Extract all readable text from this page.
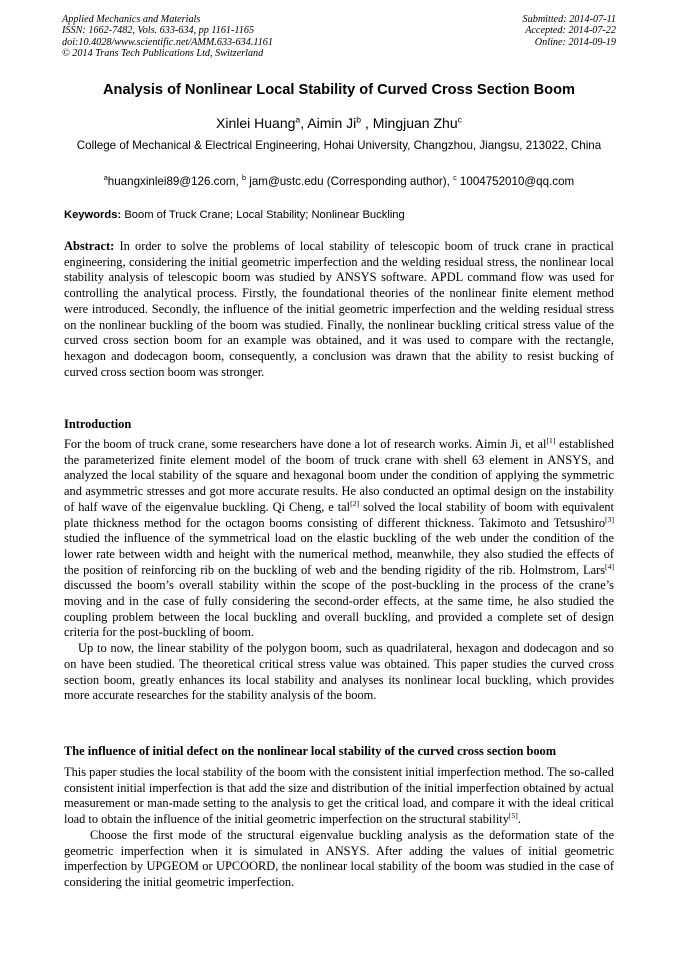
Applied Mechanics and Materials
ISSN: 1662-7482, Vols. 633-634, pp 1161-1165
doi:10.4028/www.scientific.net/AMM.633-634.1161
© 2014 Trans Tech Publications Ltd, Switzerland
Submitted: 2014-07-11
Accepted: 2014-07-22
Online: 2014-09-19
Analysis of Nonlinear Local Stability of Curved Cross Section Boom
Xinlei Huang$^a$, Aimin Ji$^b$ , Mingjuan Zhu$^c$
College of Mechanical & Electrical Engineering, Hohai University, Changzhou, Jiangsu, 213022, China
$^a$huangxinlei89@126.com, $^b$ jam@ustc.edu (Corresponding author), $^c$ 1004752010@qq.com
Keywords: Boom of Truck Crane; Local Stability; Nonlinear Buckling

Abstract: In order to solve the problems of local stability of telescopic boom of truck crane in practical engineering, considering the initial geometric imperfection and the welding residual stress, the nonlinear local stability analysis of telescopic boom was studied by ANSYS software. APDL command flow was used for controlling the analytical process. Firstly, the foundational theories of the nonlinear finite element method were introduced. Secondly, the influence of the initial geometric imperfection and the welding residual stress on the nonlinear buckling of the boom was studied. Finally, the nonlinear buckling critical stress value of the curved cross section boom for an example was obtained, and it was used to compare with the rectangle, hexagon and dodecagon boom, consequently, a conclusion was drawn that the ability to resist bucking of curved cross section boom was stronger.

Introduction

For the boom of truck crane, some researchers have done a lot of research works. Aimin Ji, et al[1] established the parameterized finite element model of the boom of truck crane with shell 63 element in ANSYS, and analyzed the local stability of the square and hexagonal boom under the condition of applying the symmetric and asymmetric stresses and got more accurate results. He also conducted an optimal design on the instability of half wave of the eigenvalue buckling. Qi Cheng, e tal[2] solved the local stability of boom with equivalent plate thickness method for the octagon booms consisting of different thickness. Takimoto and Tetsushiro[3] studied the influence of the symmetrical load on the elastic buckling of the web under the condition of the lower rate between width and height with the numerical method, meanwhile, they also studied the effects of the position of reinforcing rib on the buckling of web and the bending rigidity of the rib. Holmstrom, Lars[4] discussed the boom’s overall stability within the scope of the post-buckling in the process of the crane’s moving and in the case of fully considering the second-order effects, at the same time, he also studied the coupling problem between the local buckling and overall buckling, and provided a complete set of design criteria for the post-buckling of boom.

Up to now, the linear stability of the polygon boom, such as quadrilateral, hexagon and dodecagon and so on have been studied. The theoretical critical stress value was obtained. This paper studies the curved cross section boom, greatly enhances its local stability and analyses its nonlinear local buckling, which provides more accurate researches for the stability analysis of the boom.

The influence of initial defect on the nonlinear local stability of the curved cross section boom

This paper studies the local stability of the boom with the consistent initial imperfection method. The so-called consistent initial imperfection is that add the size and distribution of the initial imperfection obtained by actual measurement or man-made setting to the analysis to get the critical load, and compare it with the ideal critical load to obtain the influence of the initial geometric imperfection on the structural stability[5].

Choose the first mode of the structural eigenvalue buckling analysis as the deformation state of the geometric imperfection when it is simulated in ANSYS. After adding the values of initial geometric imperfection by UPGEOM or UPCOORD, the nonlinear local stability of the boom was studied in the case of considering the initial geometric imperfection.
